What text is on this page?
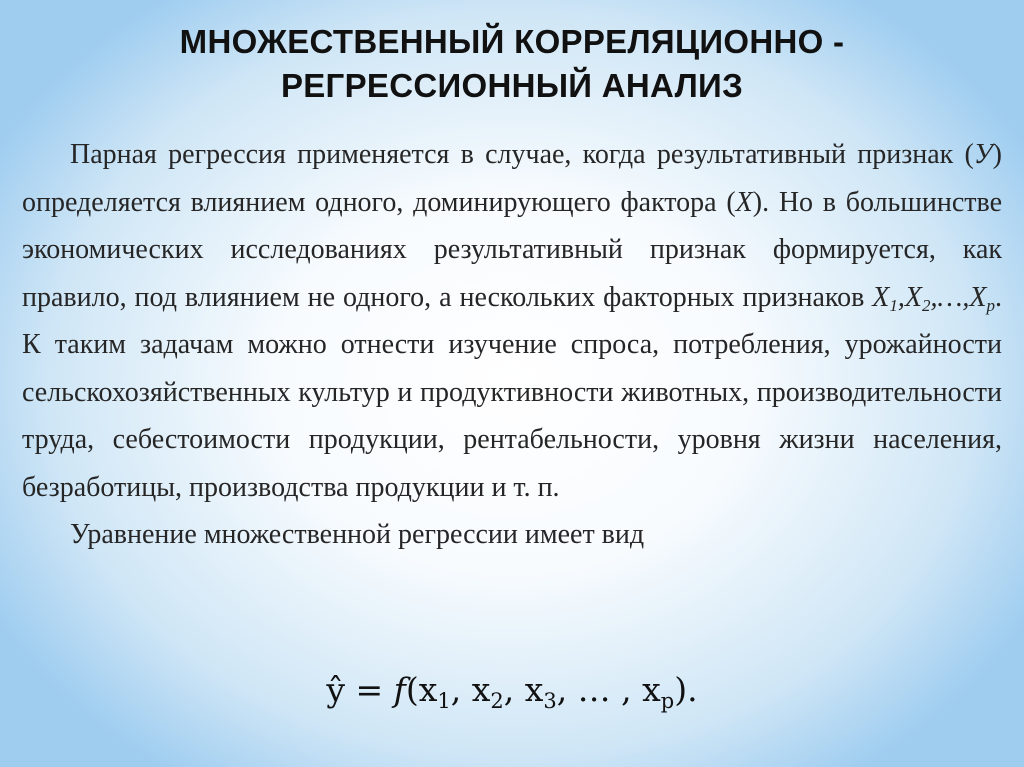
МНОЖЕСТВЕННЫЙ КОРРЕЛЯЦИОННО -
РЕГРЕССИОННЫЙ АНАЛИЗ

Парная регрессия применяется в случае, когда результативный признак (У) определяется влиянием одного, доминирующего фактора (Х). Но в большинстве экономических исследованиях результативный признак формируется, как правило, под влиянием не одного, а нескольких факторных признаков $X_1,X_2,\dots,X_p$. К таким задачам можно отнести изучение спроса, потребления, урожайности сельскохозяйственных культур и продуктивности животных, производительности труда, себестоимости продукции, рентабельности, уровня жизни населения, безработицы, производства продукции и т. п.

Уравнение множественной регрессии имеет вид

ŷ = $f(x_1$, $x_2$, $x_3$, … , $x_p$).
